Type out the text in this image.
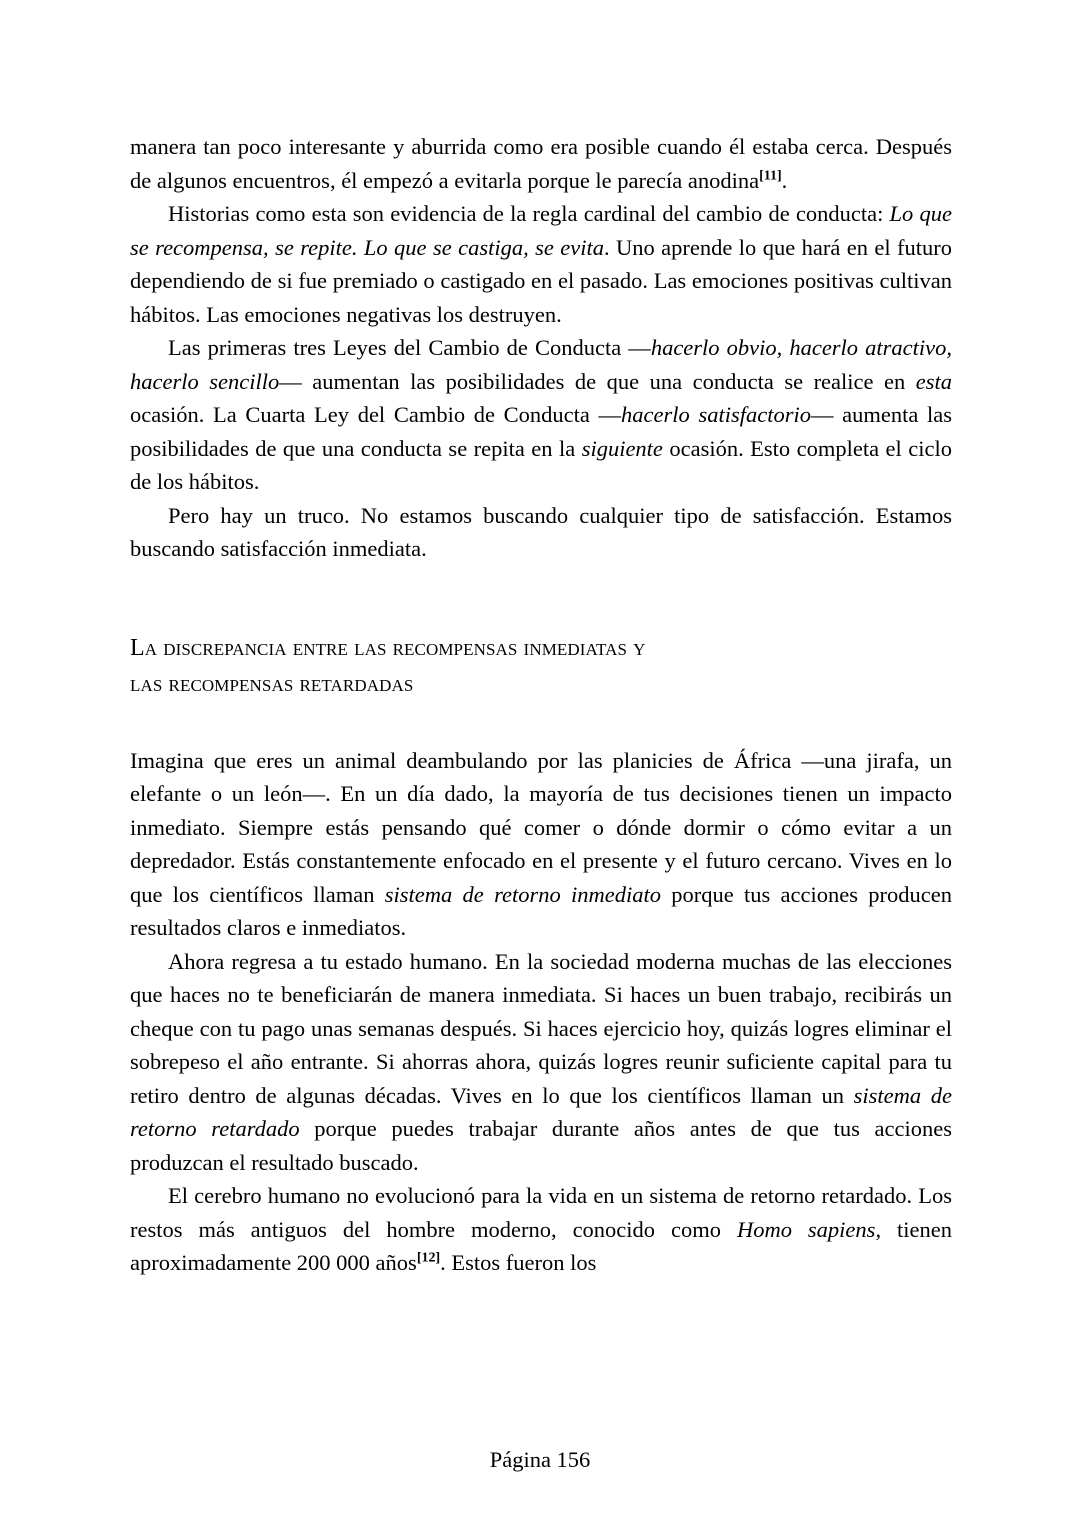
manera tan poco interesante y aburrida como era posible cuando él estaba cerca. Después de algunos encuentros, él empezó a evitarla porque le parecía anodina[11].

Historias como esta son evidencia de la regla cardinal del cambio de conducta: Lo que se recompensa, se repite. Lo que se castiga, se evita. Uno aprende lo que hará en el futuro dependiendo de si fue premiado o castigado en el pasado. Las emociones positivas cultivan hábitos. Las emociones negativas los destruyen.

Las primeras tres Leyes del Cambio de Conducta —hacerlo obvio, hacerlo atractivo, hacerlo sencillo— aumentan las posibilidades de que una conducta se realice en esta ocasión. La Cuarta Ley del Cambio de Conducta —hacerlo satisfactorio— aumenta las posibilidades de que una conducta se repita en la siguiente ocasión. Esto completa el ciclo de los hábitos.

Pero hay un truco. No estamos buscando cualquier tipo de satisfacción. Estamos buscando satisfacción inmediata.

La discrepancia entre las recompensas inmediatas y
las recompensas retardadas

Imagina que eres un animal deambulando por las planicies de África —una jirafa, un elefante o un león—. En un día dado, la mayoría de tus decisiones tienen un impacto inmediato. Siempre estás pensando qué comer o dónde dormir o cómo evitar a un depredador. Estás constantemente enfocado en el presente y el futuro cercano. Vives en lo que los científicos llaman sistema de retorno inmediato porque tus acciones producen resultados claros e inmediatos.

Ahora regresa a tu estado humano. En la sociedad moderna muchas de las elecciones que haces no te beneficiarán de manera inmediata. Si haces un buen trabajo, recibirás un cheque con tu pago unas semanas después. Si haces ejercicio hoy, quizás logres eliminar el sobrepeso el año entrante. Si ahorras ahora, quizás logres reunir suficiente capital para tu retiro dentro de algunas décadas. Vives en lo que los científicos llaman un sistema de retorno retardado porque puedes trabajar durante años antes de que tus acciones produzcan el resultado buscado.

El cerebro humano no evolucionó para la vida en un sistema de retorno retardado. Los restos más antiguos del hombre moderno, conocido como Homo sapiens, tienen aproximadamente 200 000 años[12]. Estos fueron los

Página 156
